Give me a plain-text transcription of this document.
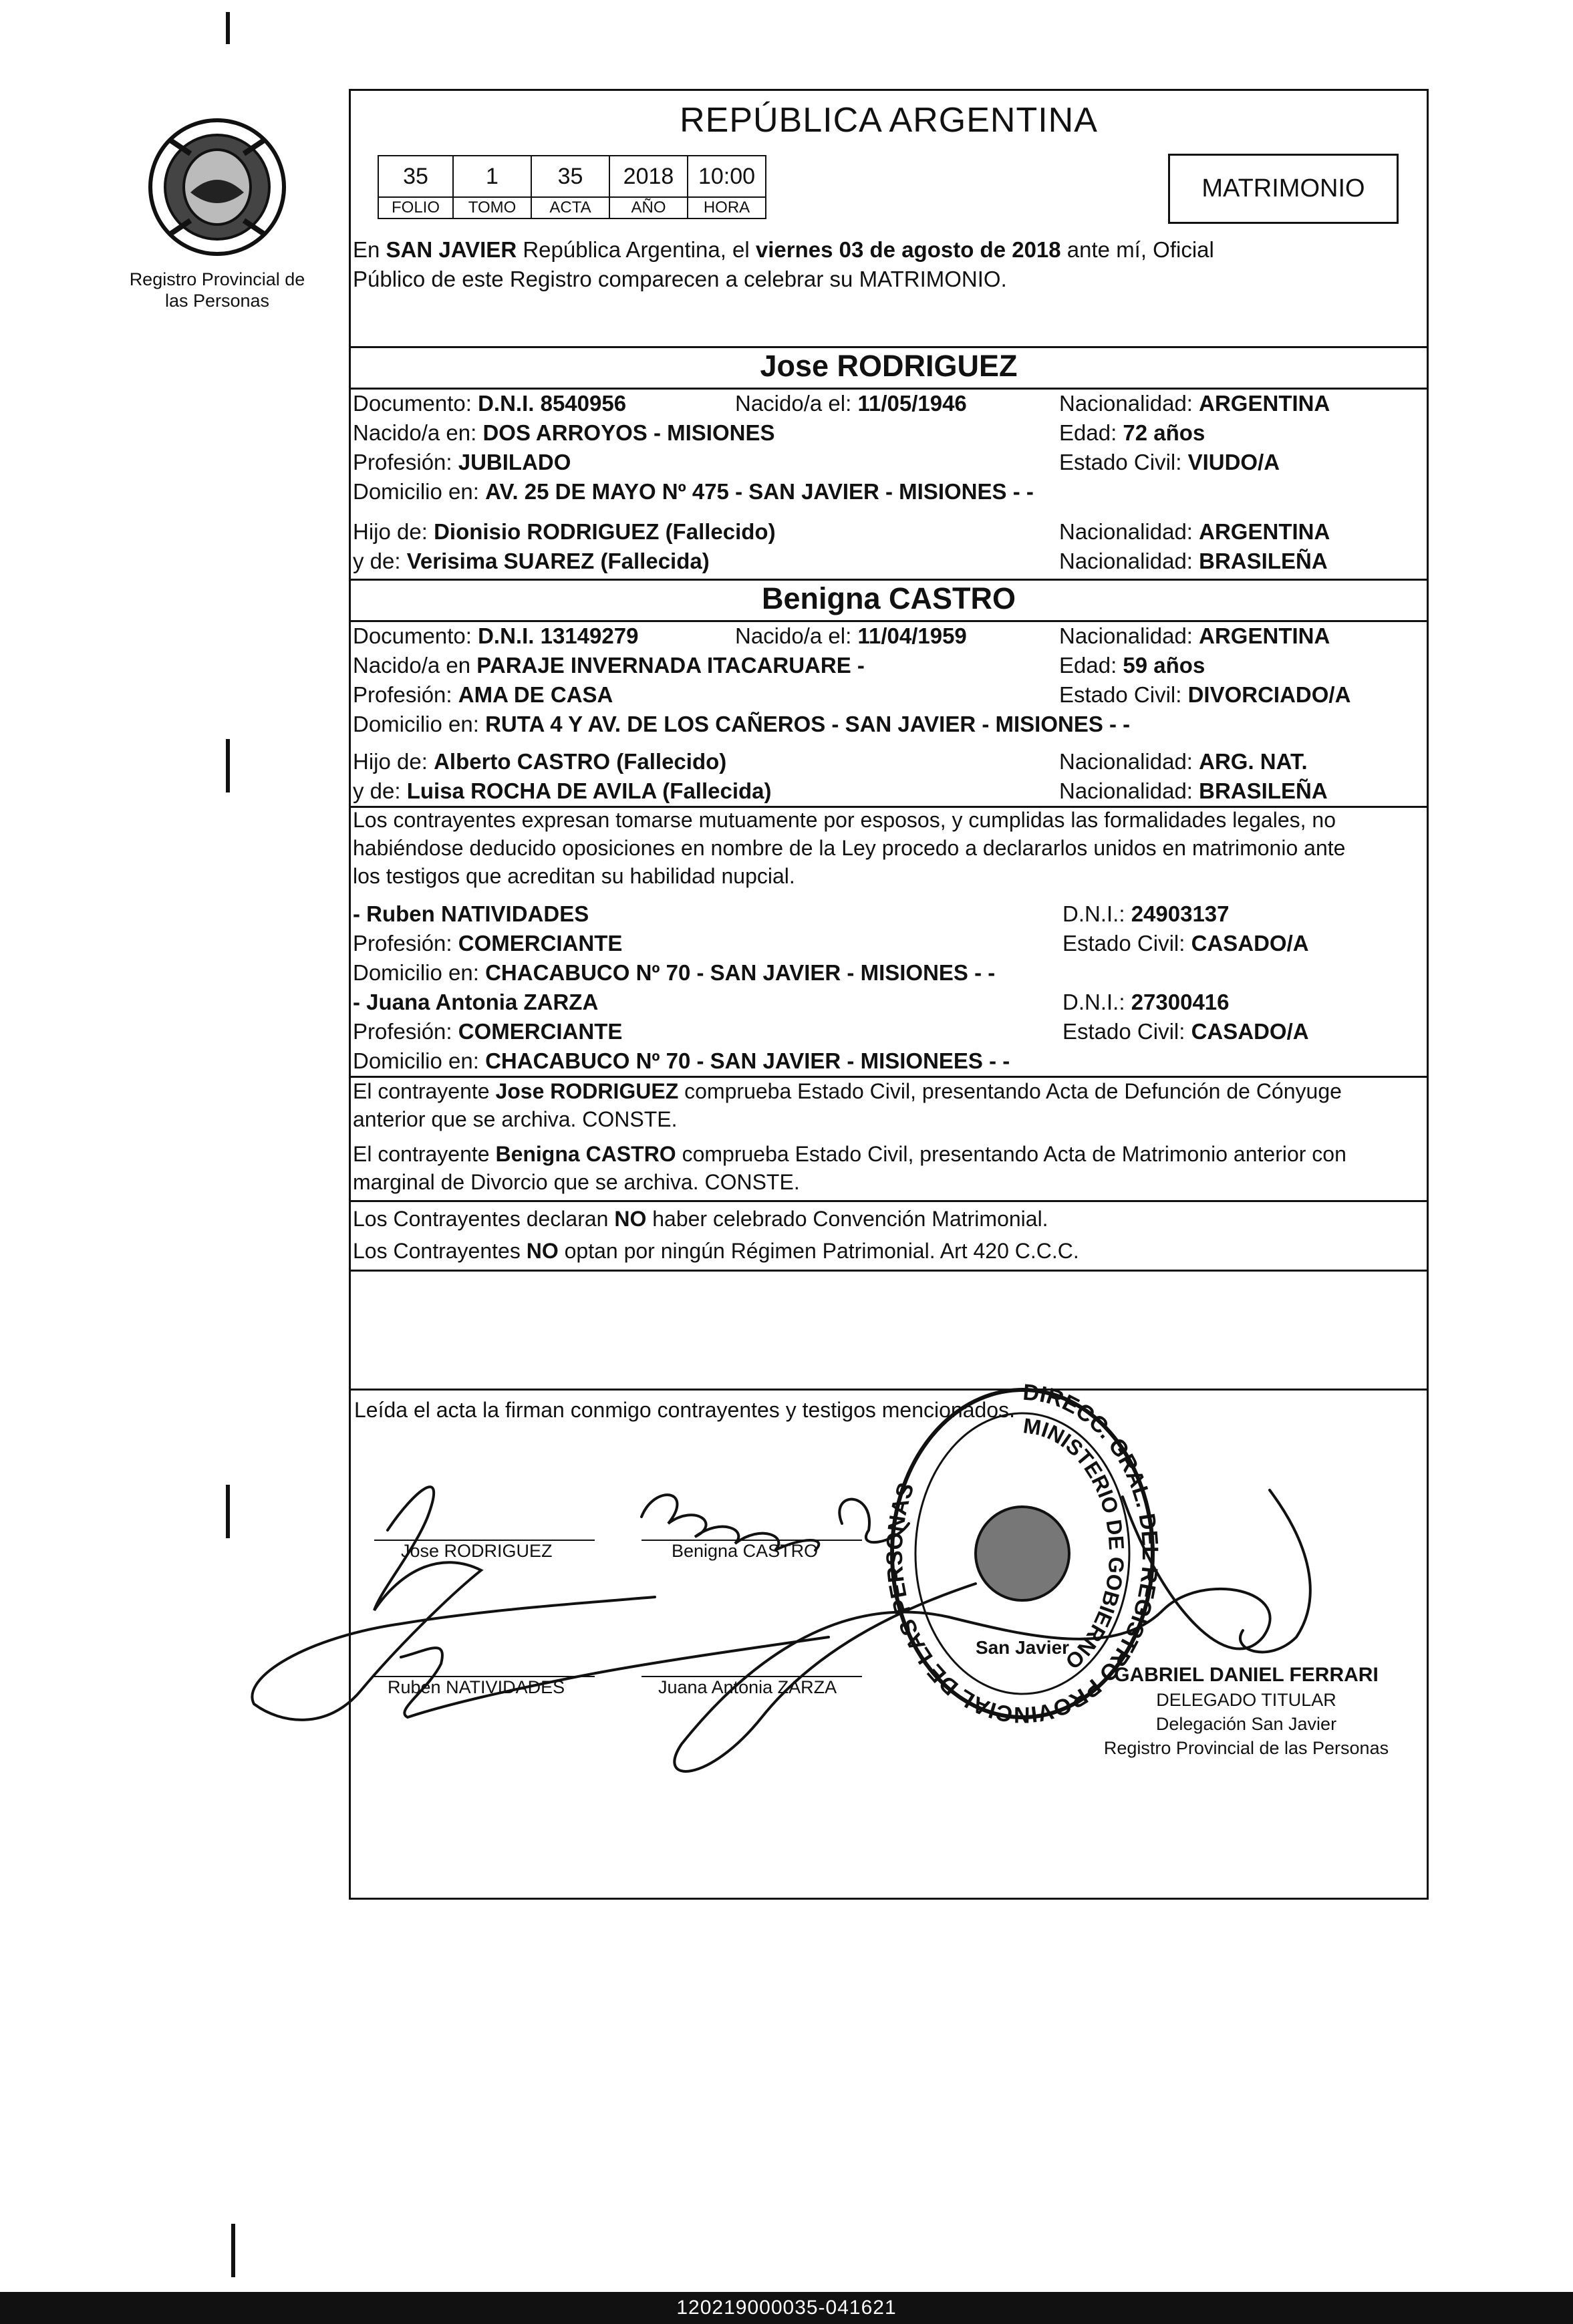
Registro Provincial de las Personas
REPÚBLICA ARGENTINA
35	1	35	2018	10:00
FOLIO	TOMO	ACTA	AÑO	HORA
MATRIMONIO
En SAN JAVIER República Argentina, el viernes 03 de agosto de 2018 ante mí, Oficial
Público de este Registro comparecen a celebrar su MATRIMONIO.
Jose RODRIGUEZ
Documento: D.N.I. 8540956	Nacido/a el: 11/05/1946	Nacionalidad: ARGENTINA
Nacido/a en: DOS ARROYOS - MISIONES	Edad: 72 años
Profesión: JUBILADO	Estado Civil: VIUDO/A
Domicilio en: AV. 25 DE MAYO Nº 475 - SAN JAVIER - MISIONES - -
Hijo de: Dionisio RODRIGUEZ (Fallecido)	Nacionalidad: ARGENTINA
y de: Verisima SUAREZ (Fallecida)	Nacionalidad: BRASILEÑA
Benigna CASTRO
Documento: D.N.I. 13149279	Nacido/a el: 11/04/1959	Nacionalidad: ARGENTINA
Nacido/a en PARAJE INVERNADA ITACARUARE -	Edad: 59 años
Profesión: AMA DE CASA	Estado Civil: DIVORCIADO/A
Domicilio en: RUTA 4 Y AV. DE LOS CAÑEROS - SAN JAVIER - MISIONES - -
Hijo de: Alberto CASTRO (Fallecido)	Nacionalidad: ARG. NAT.
y de: Luisa ROCHA DE AVILA (Fallecida)	Nacionalidad: BRASILEÑA
Los contrayentes expresan tomarse mutuamente por esposos, y cumplidas las formalidades legales, no
habiéndose deducido oposiciones en nombre de la Ley procedo a declararlos unidos en matrimonio ante
los testigos que acreditan su habilidad nupcial.
- Ruben NATIVIDADES	D.N.I.: 24903137
Profesión: COMERCIANTE	Estado Civil: CASADO/A
Domicilio en: CHACABUCO Nº 70 - SAN JAVIER - MISIONES - -
- Juana Antonia ZARZA	D.N.I.: 27300416
Profesión: COMERCIANTE	Estado Civil: CASADO/A
Domicilio en: CHACABUCO Nº 70 - SAN JAVIER - MISIONEES - -
El contrayente Jose RODRIGUEZ comprueba Estado Civil, presentando Acta de Defunción de Cónyuge
anterior que se archiva. CONSTE.
El contrayente Benigna CASTRO comprueba Estado Civil, presentando Acta de Matrimonio anterior con
marginal de Divorcio que se archiva. CONSTE.
Los Contrayentes declaran NO haber celebrado Convención Matrimonial.
Los Contrayentes NO optan por ningún Régimen Patrimonial. Art 420 C.C.C.
Leída el acta la firman conmigo contrayentes y testigos mencionados.
Jose RODRIGUEZ	Benigna CASTRO
Ruben NATIVIDADES	Juana Antonia ZARZA
DIRECC. GRAL. DEL REGISTRO PROVINCIAL DE LAS PERSONAS
MINISTERIO DE GOBIERNO
San Javier
GABRIEL DANIEL FERRARI
DELEGADO TITULAR
Delegación San Javier
Registro Provincial de las Personas
120219000035-041621
